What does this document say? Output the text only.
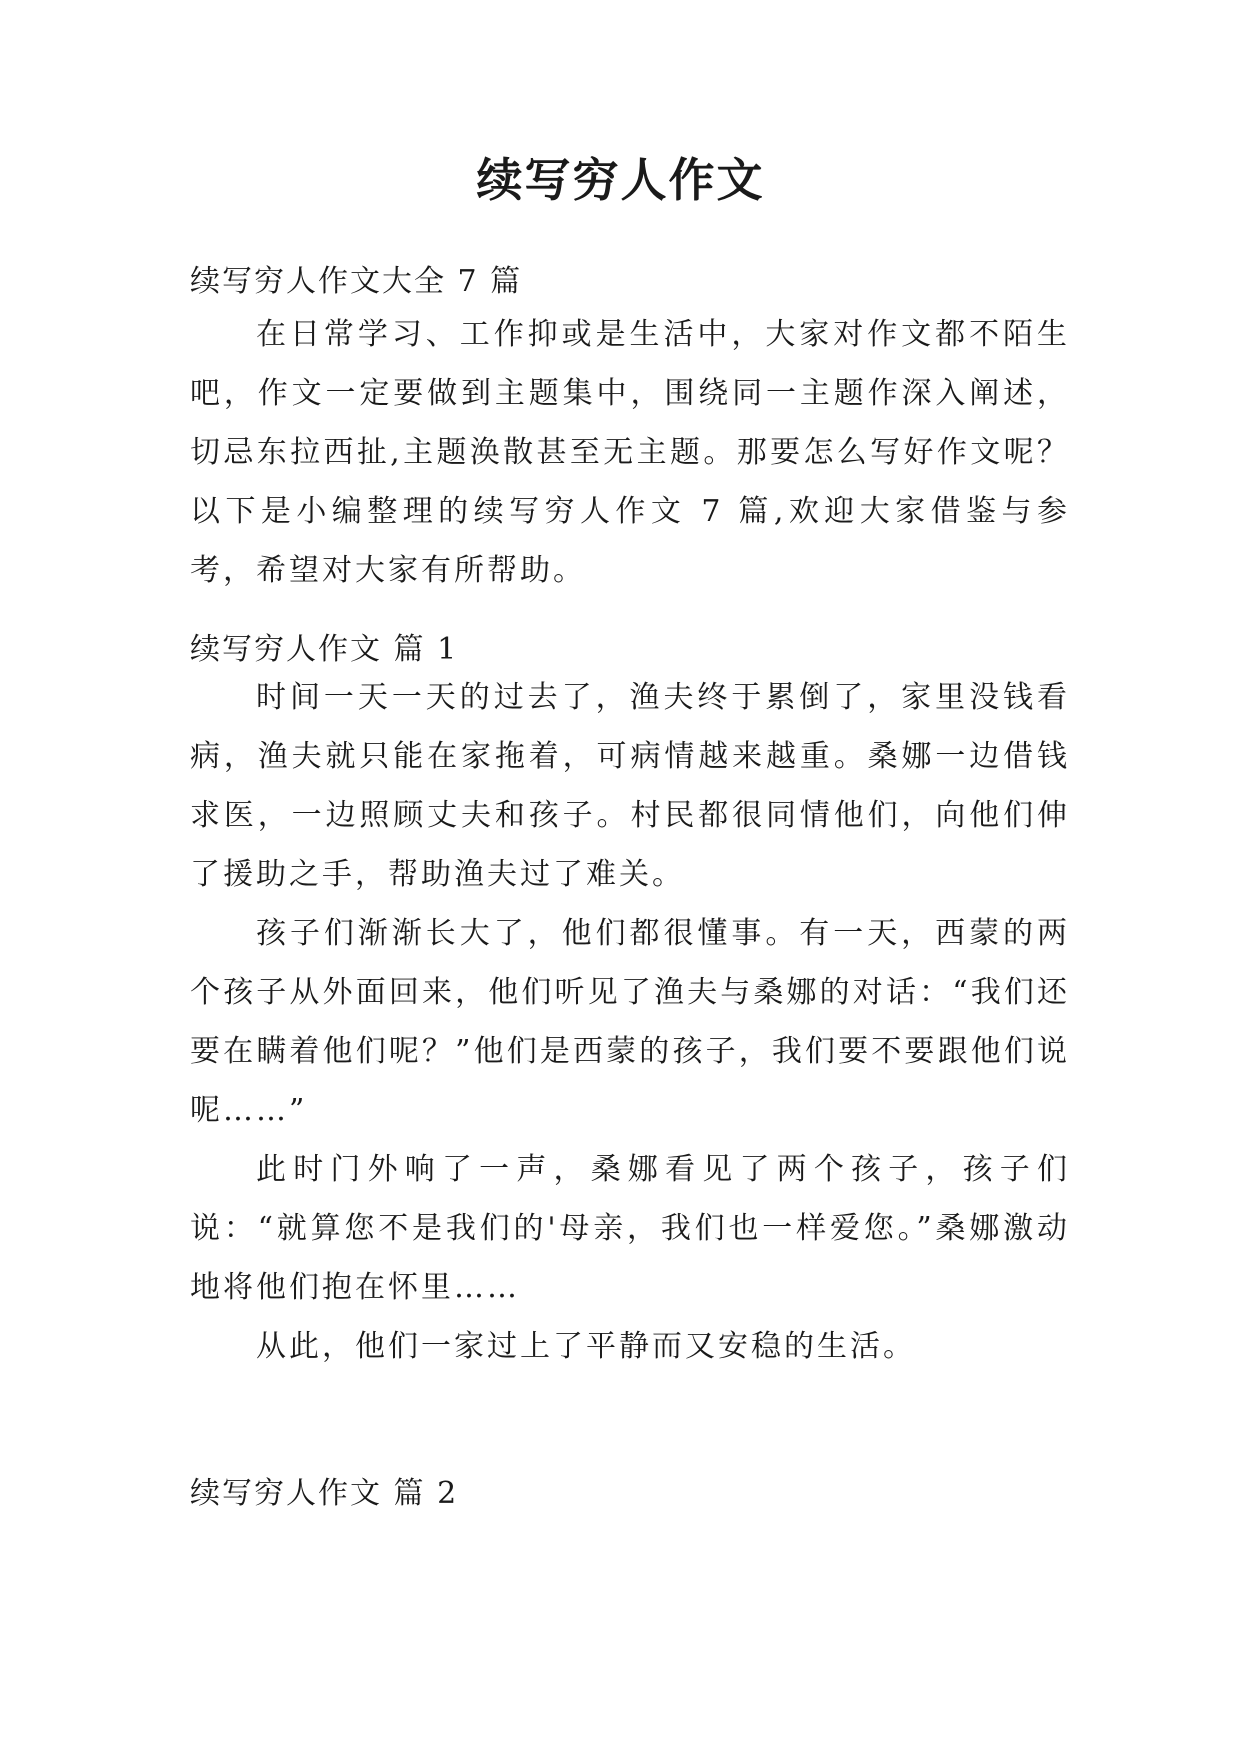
续写穷人作文
续写穷人作文大全 7 篇

在日常学习、工作抑或是生活中，大家对作文都不陌生吧，作文一定要做到主题集中，围绕同一主题作深入阐述，切忌东拉西扯,主题涣散甚至无主题。那要怎么写好作文呢？以下是小编整理的续写穷人作文 7 篇,欢迎大家借鉴与参考，希望对大家有所帮助。

续写穷人作文 篇 1

时间一天一天的过去了，渔夫终于累倒了，家里没钱看病，渔夫就只能在家拖着，可病情越来越重。桑娜一边借钱求医，一边照顾丈夫和孩子。村民都很同情他们，向他们伸了援助之手，帮助渔夫过了难关。

孩子们渐渐长大了，他们都很懂事。有一天，西蒙的两个孩子从外面回来，他们听见了渔夫与桑娜的对话：“我们还要在瞒着他们呢？”他们是西蒙的孩子，我们要不要跟他们说呢……”

此时门外响了一声，桑娜看见了两个孩子，孩子们说：“就算您不是我们的'母亲，我们也一样爱您。”桑娜激动地将他们抱在怀里……

从此，他们一家过上了平静而又安稳的生活。

续写穷人作文 篇 2
